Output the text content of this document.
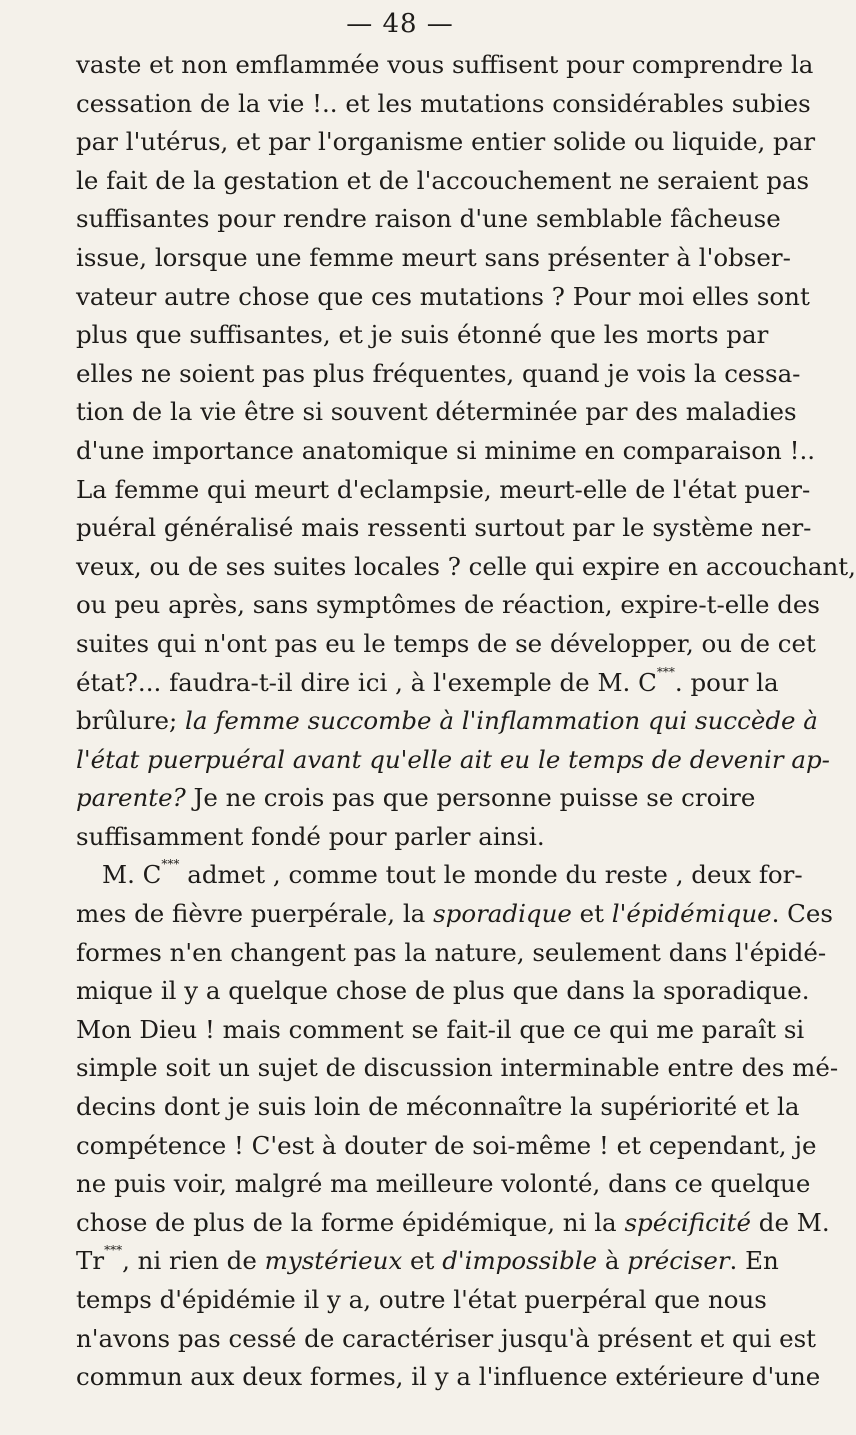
— 48 —
vaste et non emflammée vous suffisent pour comprendre la
cessation de la vie !.. et les mutations considérables subies
par l'utérus, et par l'organisme entier solide ou liquide, par
le fait de la gestation et de l'accouchement ne seraient pas
suffisantes pour rendre raison d'une semblable fâcheuse
issue, lorsque une femme meurt sans présenter à l'obser-
vateur autre chose que ces mutations ? Pour moi elles sont
plus que suffisantes, et je suis étonné que les morts par
elles ne soient pas plus fréquentes, quand je vois la cessa-
tion de la vie être si souvent déterminée par des maladies
d'une importance anatomique si minime en comparaison !..
La femme qui meurt d'eclampsie, meurt-elle de l'état puer-
puéral généralisé mais ressenti surtout par le système ner-
veux, ou de ses suites locales ? celle qui expire en accouchant,
ou peu après, sans symptômes de réaction, expire-t-elle des
suites qui n'ont pas eu le temps de se développer, ou de cet
état?... faudra-t-il dire ici , à l'exemple de M. C***. pour la
brûlure; la femme succombe à l'inflammation qui succède à
l'état puerpuéral avant qu'elle ait eu le temps de devenir ap-
parente? Je ne crois pas que personne puisse se croire
suffisamment fondé pour parler ainsi.
M. C*** admet , comme tout le monde du reste , deux for-
mes de fièvre puerpérale, la sporadique et l'épidémique. Ces
formes n'en changent pas la nature, seulement dans l'épidé-
mique il y a quelque chose de plus que dans la sporadique.
Mon Dieu ! mais comment se fait-il que ce qui me paraît si
simple soit un sujet de discussion interminable entre des mé-
decins dont je suis loin de méconnaître la supériorité et la
compétence ! C'est à douter de soi-même ! et cependant, je
ne puis voir, malgré ma meilleure volonté, dans ce quelque
chose de plus de la forme épidémique, ni la spécificité de M.
Tr***, ni rien de mystérieux et d'impossible à préciser. En
temps d'épidémie il y a, outre l'état puerpéral que nous
n'avons pas cessé de caractériser jusqu'à présent et qui est
commun aux deux formes, il y a l'influence extérieure d'une
